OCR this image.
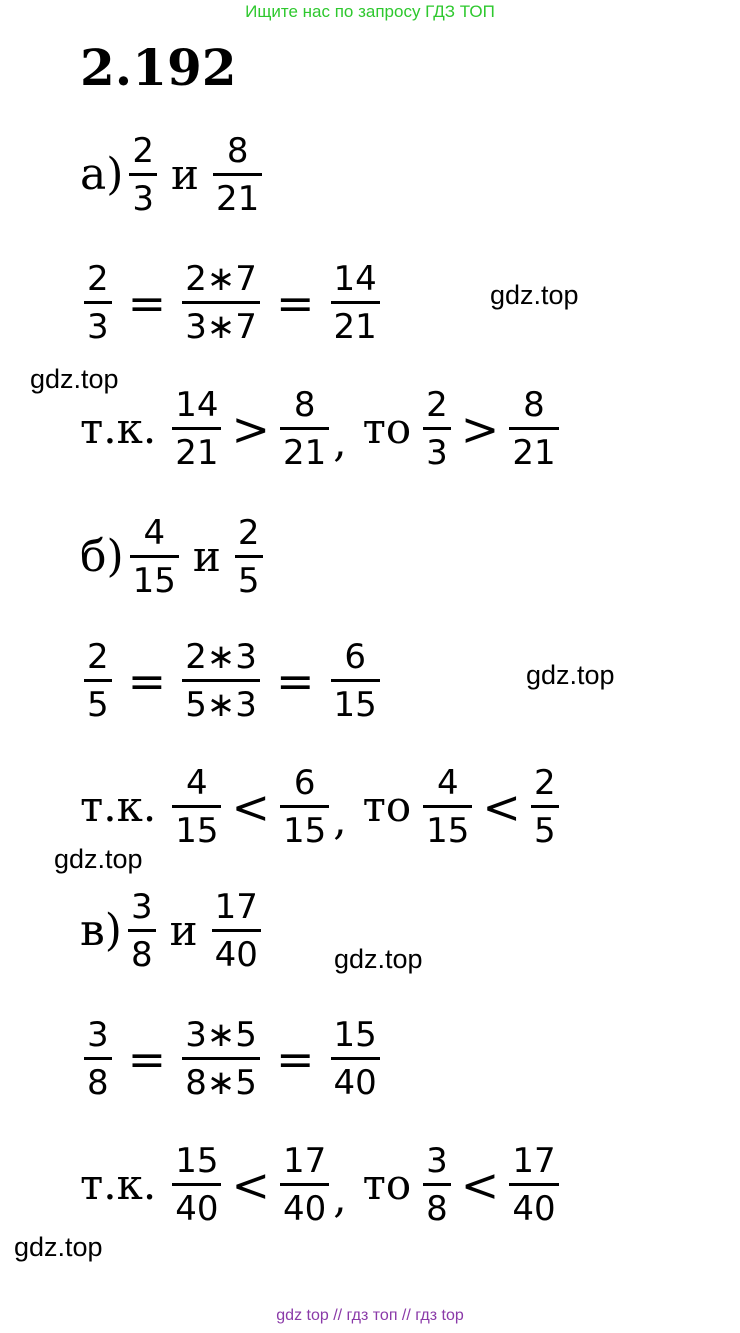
Ищите нас по запросу ГДЗ ТОП
2.192
gdz.top
gdz.top
gdz.top
gdz.top
gdz.top
gdz.top
$а) \frac{2}{3}$ и $\frac{8}{21}$
$\frac{2}{3} = \frac{2∗7}{3∗7} = \frac{14}{21}$
т.к. $\frac{14}{21} > \frac{8}{21}$ , то $\frac{2}{3} > \frac{8}{21}$
$б) \frac{4}{15}$ и $\frac{2}{5}$
$\frac{2}{5} = \frac{2∗3}{5∗3} = \frac{6}{15}$
т.к. $\frac{4}{15} < \frac{6}{15}$ , то $\frac{4}{15} < \frac{2}{5}$
$в) \frac{3}{8}$ и $\frac{17}{40}$
$\frac{3}{8} = \frac{3∗5}{8∗5} = \frac{15}{40}$
т.к. $\frac{15}{40} < \frac{17}{40}$ , то $\frac{3}{8} < \frac{17}{40}$
gdz top // гдз топ // гдз top
